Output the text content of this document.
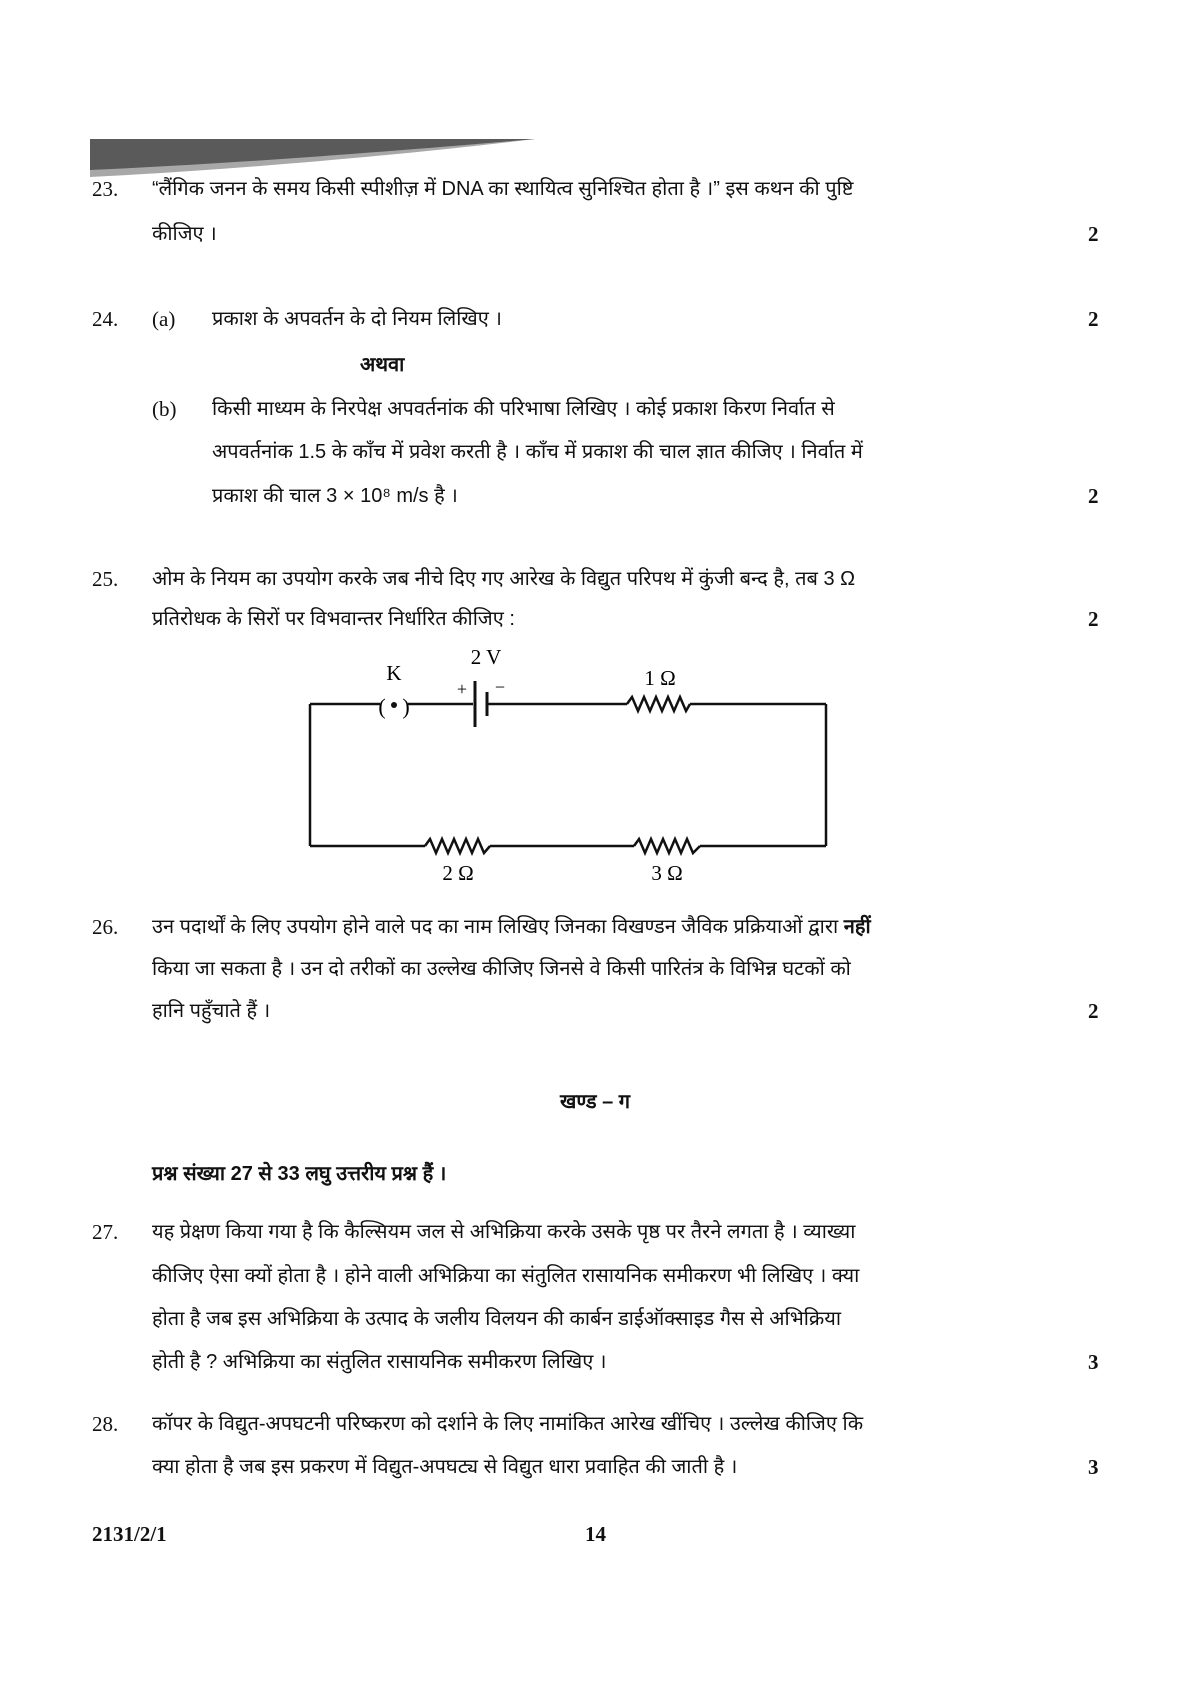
23. “लैंगिक जनन के समय किसी स्पीशीज़ में DNA का स्थायित्व सुनिश्चित होता है ।” इस कथन की पुष्टि
कीजिए ।	2
24. (a) प्रकाश के अपवर्तन के दो नियम लिखिए ।	2
अथवा
(b) किसी माध्यम के निरपेक्ष अपवर्तनांक की परिभाषा लिखिए । कोई प्रकाश किरण निर्वात से
अपवर्तनांक 1.5 के काँच में प्रवेश करती है । काँच में प्रकाश की चाल ज्ञात कीजिए । निर्वात में
प्रकाश की चाल 3 × 10⁸ m/s है ।	2
25. ओम के नियम का उपयोग करके जब नीचे दिए गए आरेख के विद्युत परिपथ में कुंजी बन्द है, तब 3 Ω
प्रतिरोधक के सिरों पर विभवान्तर निर्धारित कीजिए :	2
( )
K
2 V
+ −	1 Ω
2 Ω	3 Ω
26. उन पदार्थों के लिए उपयोग होने वाले पद का नाम लिखिए जिनका विखण्डन जैविक प्रक्रियाओं द्वारा नहीं
किया जा सकता है । उन दो तरीकों का उल्लेख कीजिए जिनसे वे किसी पारितंत्र के विभिन्न घटकों को
हानि पहुँचाते हैं ।	2
खण्ड – ग
प्रश्न संख्या 27 से 33 लघु उत्तरीय प्रश्न हैं ।
27. यह प्रेक्षण किया गया है कि कैल्सियम जल से अभिक्रिया करके उसके पृष्ठ पर तैरने लगता है । व्याख्या
कीजिए ऐसा क्यों होता है । होने वाली अभिक्रिया का संतुलित रासायनिक समीकरण भी लिखिए । क्या
होता है जब इस अभिक्रिया के उत्पाद के जलीय विलयन की कार्बन डाईऑक्साइड गैस से अभिक्रिया
होती है ? अभिक्रिया का संतुलित रासायनिक समीकरण लिखिए ।	3
28. कॉपर के विद्युत-अपघटनी परिष्करण को दर्शाने के लिए नामांकित आरेख खींचिए । उल्लेख कीजिए कि
क्या होता है जब इस प्रकरण में विद्युत-अपघट्य से विद्युत धारा प्रवाहित की जाती है ।	3
2131/2/1	14
